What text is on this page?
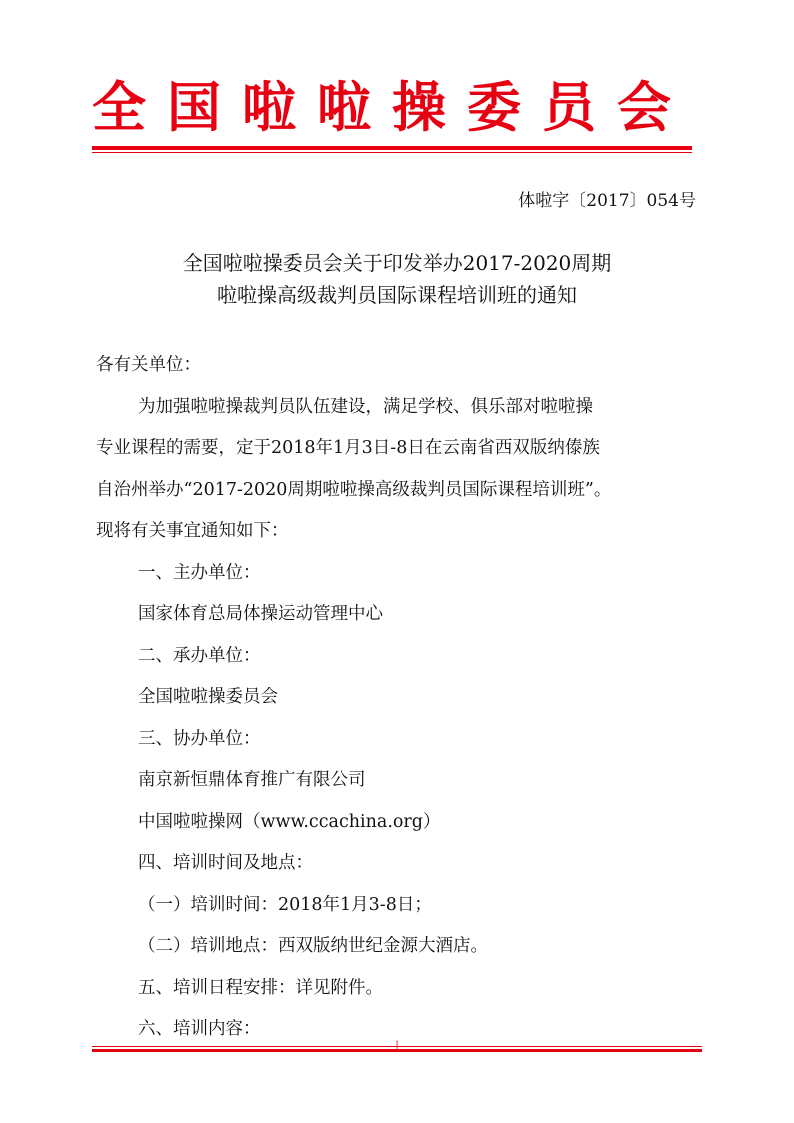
全国啦啦操委员会
体啦字〔2017〕054号
全国啦啦操委员会关于印发举办2017-2020周期
啦啦操高级裁判员国际课程培训班的通知
各有关单位：
为加强啦啦操裁判员队伍建设，满足学校、俱乐部对啦啦操
专业课程的需要，定于2018年1月3日-8日在云南省西双版纳傣族
自治州举办“2017-2020周期啦啦操高级裁判员国际课程培训班”。
现将有关事宜通知如下：
一、主办单位：
国家体育总局体操运动管理中心
二、承办单位：
全国啦啦操委员会
三、协办单位：
南京新恒鼎体育推广有限公司
中国啦啦操网（www.ccachina.org）
四、培训时间及地点：
（一）培训时间：2018年1月3-8日；
（二）培训地点：西双版纳世纪金源大酒店。
五、培训日程安排：详见附件。
六、培训内容：
|
